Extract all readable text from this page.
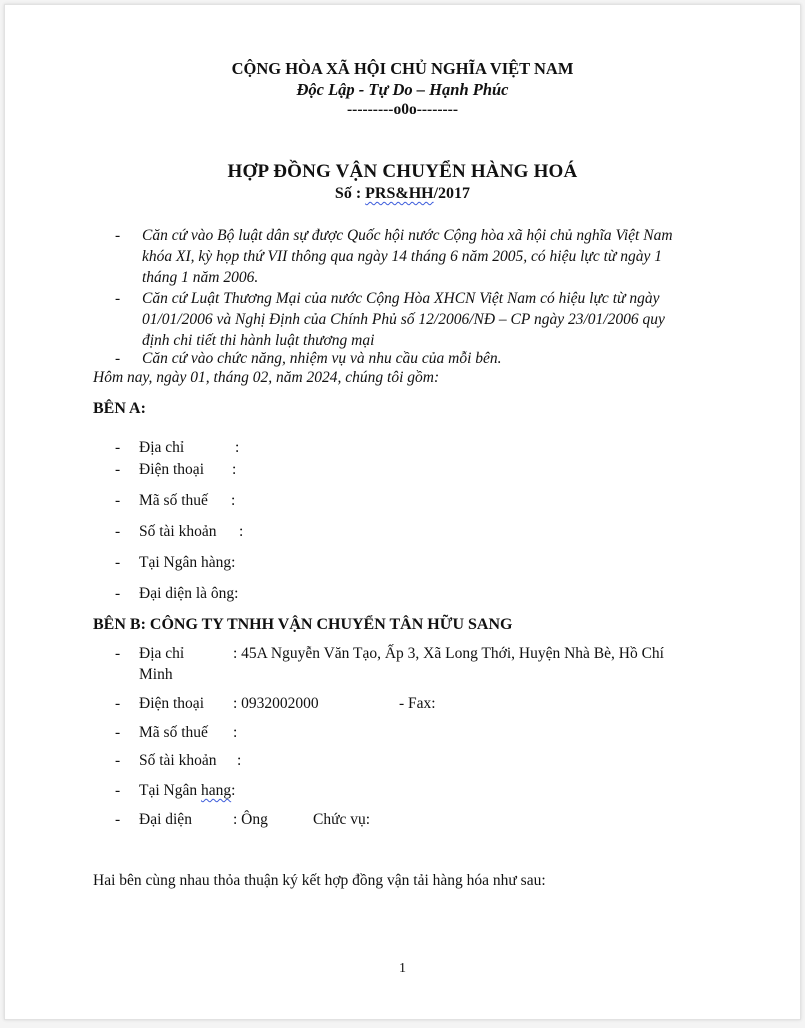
CỘNG HÒA XÃ HỘI CHỦ NGHĨA VIỆT NAM
Độc Lập - Tự Do – Hạnh Phúc
---------o0o--------
HỢP ĐỒNG VẬN CHUYỂN HÀNG HOÁ
Số : PRS&HH/2017
- Căn cứ vào Bộ luật dân sự được Quốc hội nước Cộng hòa xã hội chủ nghĩa Việt Nam
khóa XI, kỳ họp thứ VII thông qua ngày 14 tháng 6 năm 2005, có hiệu lực từ ngày 1
tháng 1 năm 2006.
- Căn cứ Luật Thương Mại của nước Cộng Hòa XHCN Việt Nam có hiệu lực từ ngày
01/01/2006 và Nghị Định của Chính Phủ số 12/2006/NĐ – CP ngày 23/01/2006 quy
định chi tiết thi hành luật thương mại
- Căn cứ vào chức năng, nhiệm vụ và nhu cầu của mỗi bên.
Hôm nay, ngày 01, tháng 02, năm 2024, chúng tôi gồm:
BÊN A:
- Địa chỉ	:
- Điện thoại :
- Mã số thuế :
- Số tài khoản :
- Tại Ngân hàng:
- Đại diện là ông:
BÊN B: CÔNG TY TNHH VẬN CHUYỂN TÂN HỮU SANG
- Địa chỉ	: 45A Nguyễn Văn Tạo, Ấp 3, Xã Long Thới, Huyện Nhà Bè, Hồ Chí
Minh
- Điện thoại : 0932002000	- Fax:
- Mã số thuế :
- Số tài khoản :
- Tại Ngân hang:
- Đại diện	: Ông	Chức vụ:
Hai bên cùng nhau thỏa thuận ký kết hợp đồng vận tải hàng hóa như sau:
1
